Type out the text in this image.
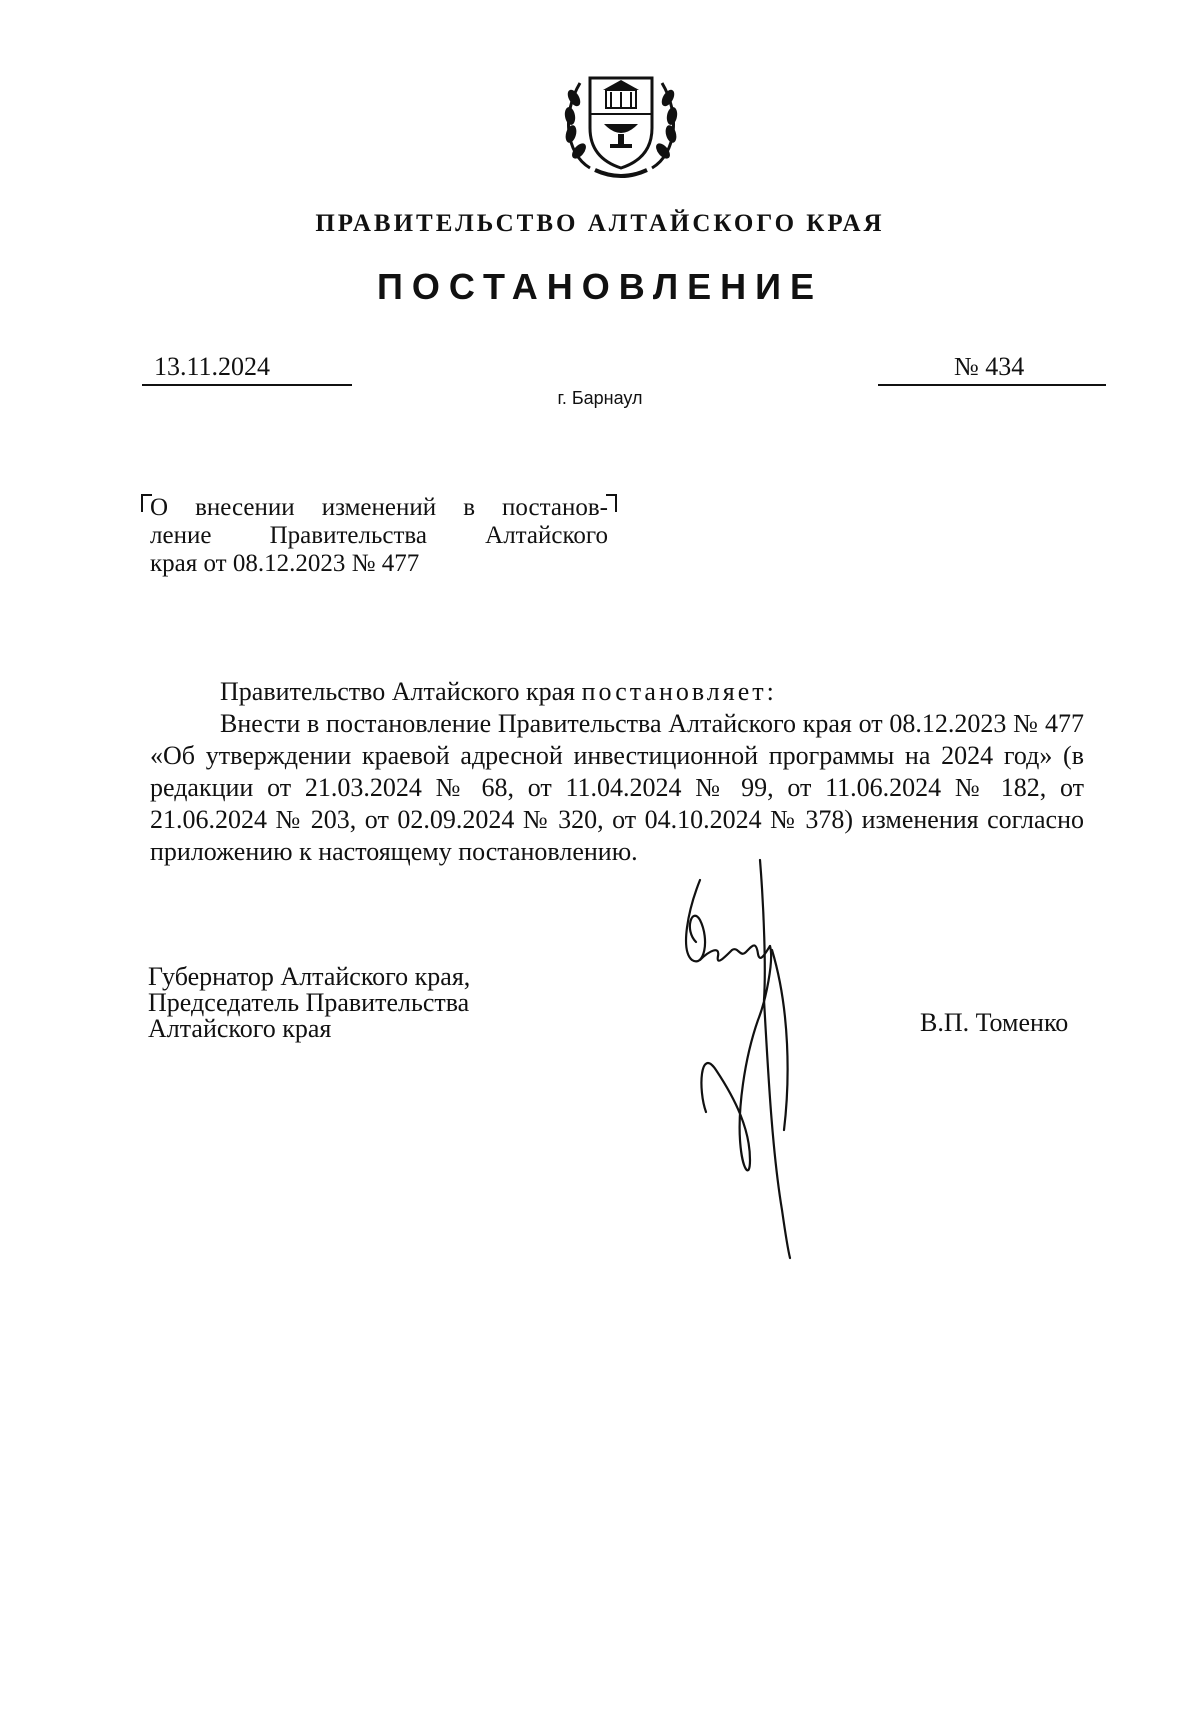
ПРАВИТЕЛЬСТВО АЛТАЙСКОГО КРАЯ
ПОСТАНОВЛЕНИЕ
13.11.2024	№ 434
г. Барнаул
О внесении изменений в постанов-
ление Правительства Алтайского
края от 08.12.2023 № 477
Правительство Алтайского края постановляет:
Внести в постановление Правительства Алтайского края от 08.12.2023 № 477 «Об утверждении краевой адресной инвестиционной программы на 2024 год» (в редакции от 21.03.2024 № 68, от 11.04.2024 № 99, от 11.06.2024 № 182, от 21.06.2024 № 203, от 02.09.2024 № 320, от 04.10.2024 № 378) изменения согласно приложению к настоящему постановлению.
Губернатор Алтайского края,
Председатель Правительства
Алтайского края	В.П. Томенко
